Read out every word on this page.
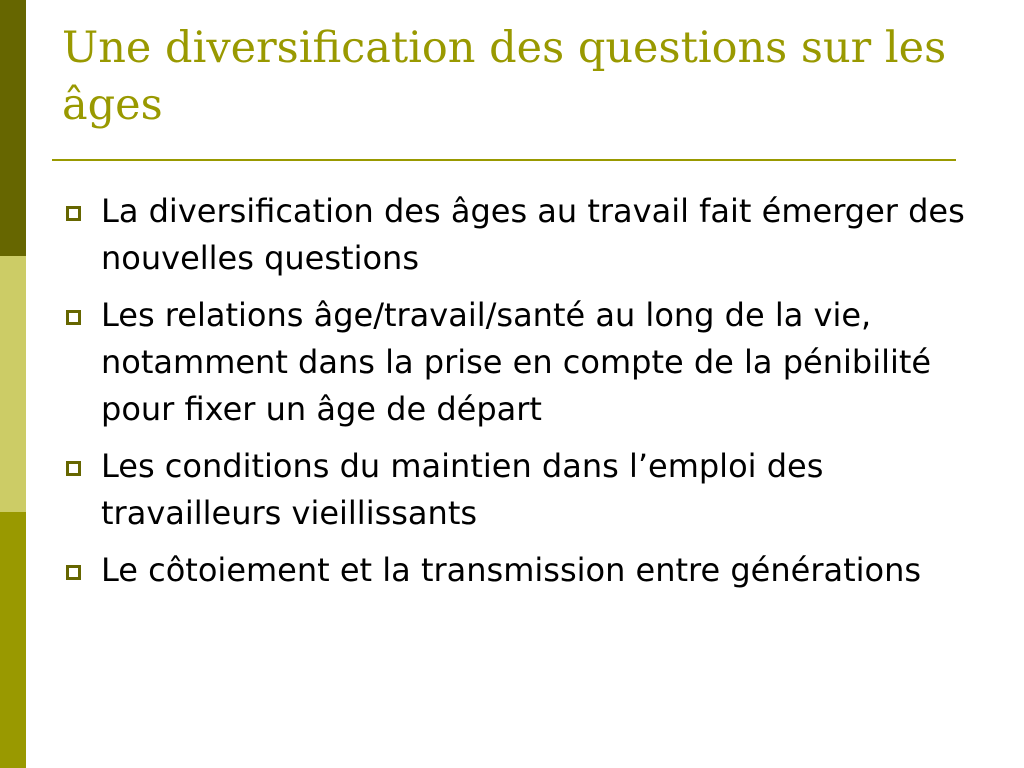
Une diversification des questions sur les âges
La diversification des âges au travail fait émerger des nouvelles questions
Les relations âge/travail/santé au long de la vie, notamment dans la prise en compte de la pénibilité pour fixer un âge de départ
Les conditions du maintien dans l’emploi des travailleurs vieillissants
Le côtoiement et la transmission entre générations
